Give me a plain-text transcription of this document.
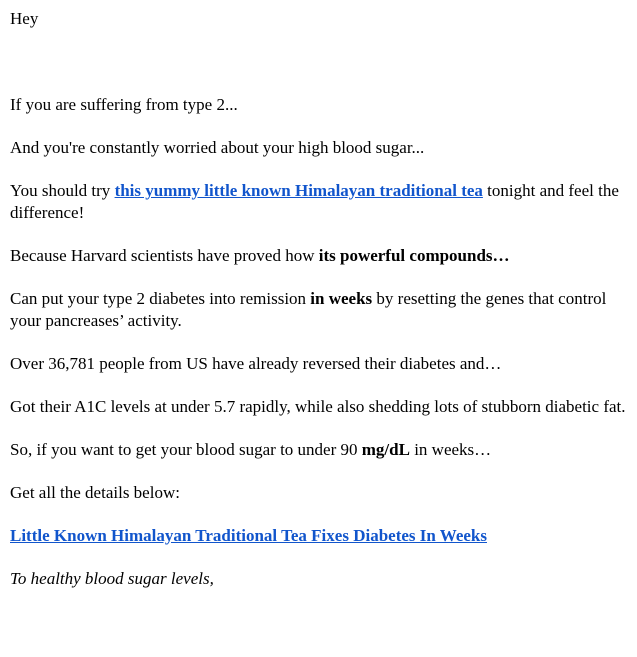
Hey

If you are suffering from type 2...

And you're constantly worried about your high blood sugar...

You should try this yummy little known Himalayan traditional tea tonight and feel the difference!

Because Harvard scientists have proved how its powerful compounds…

Can put your type 2 diabetes into remission in weeks by resetting the genes that control your pancreases’ activity.

Over 36,781 people from US have already reversed their diabetes and…

Got their A1C levels at under 5.7 rapidly, while also shedding lots of stubborn diabetic fat.

So, if you want to get your blood sugar to under 90 mg/dL in weeks…

Get all the details below:

Little Known Himalayan Traditional Tea Fixes Diabetes In Weeks

To healthy blood sugar levels,
